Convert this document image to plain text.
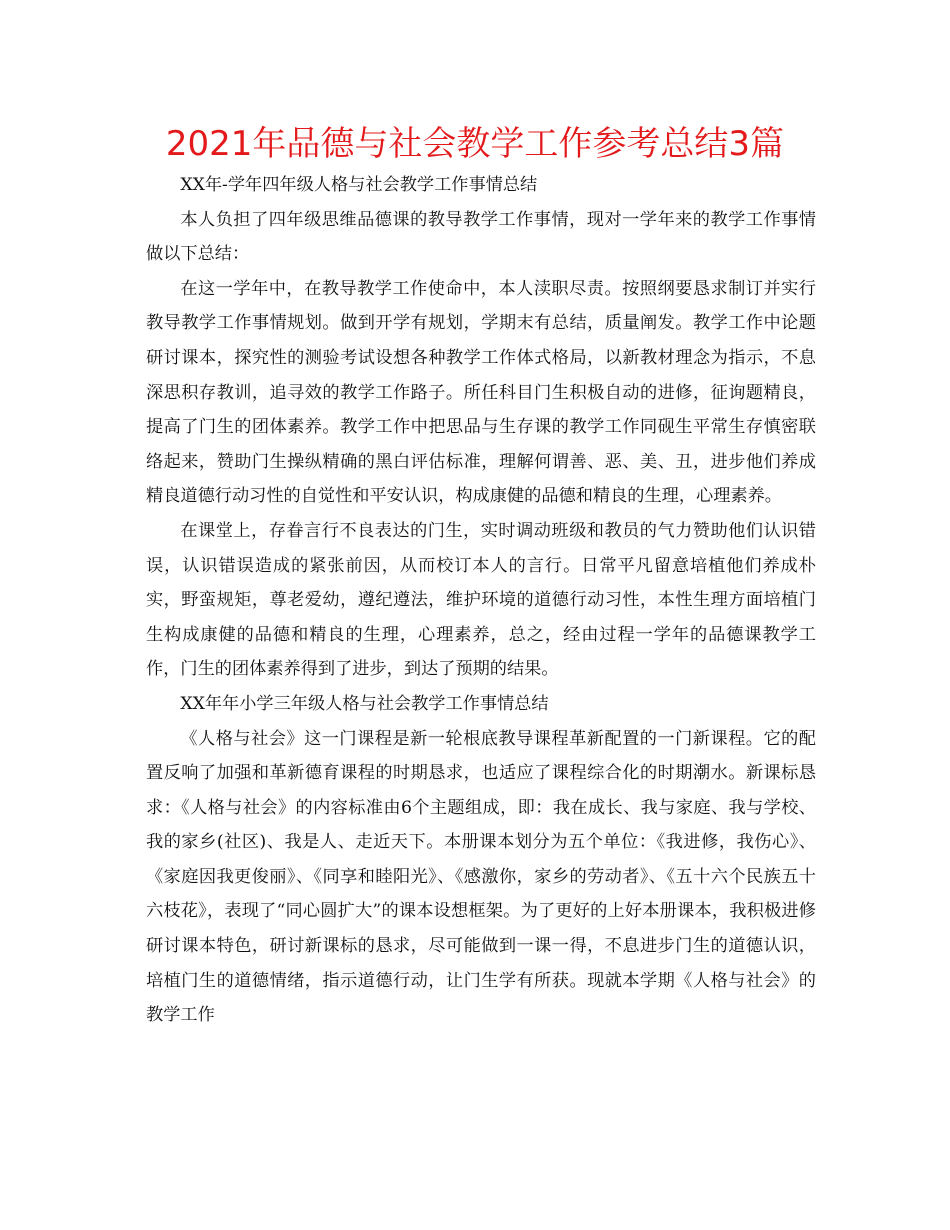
2021年品德与社会教学工作参考总结3篇

XX年-学年四年级人格与社会教学工作事情总结

本人负担了四年级思维品德课的教导教学工作事情，现对一学年来的教学工作事情做以下总结：

在这一学年中，在教导教学工作使命中，本人渎职尽责。按照纲要恳求制订并实行教导教学工作事情规划。做到开学有规划，学期末有总结，质量阐发。教学工作中论题研讨课本，探究性的测验考试设想各种教学工作体式格局，以新教材理念为指示，不息深思积存教训，追寻效的教学工作路子。所任科目门生积极自动的进修，征询题精良，提高了门生的团体素养。教学工作中把思品与生存课的教学工作同砚生平常生存慎密联络起来，赞助门生操纵精确的黑白评估标准，理解何谓善、恶、美、丑，进步他们养成精良道德行动习性的自觉性和平安认识，构成康健的品德和精良的生理，心理素养。

在课堂上，存眷言行不良表达的门生，实时调动班级和教员的气力赞助他们认识错误，认识错误造成的紧张前因，从而校订本人的言行。日常平凡留意培植他们养成朴实，野蛮规矩，尊老爱幼，遵纪遵法，维护环境的道德行动习性，本性生理方面培植门生构成康健的品德和精良的生理，心理素养，总之，经由过程一学年的品德课教学工作，门生的团体素养得到了进步，到达了预期的结果。

XX年年小学三年级人格与社会教学工作事情总结

《人格与社会》这一门课程是新一轮根底教导课程革新配置的一门新课程。它的配置反响了加强和革新德育课程的时期恳求，也适应了课程综合化的时期潮水。新课标恳求：《人格与社会》的内容标准由6个主题组成，即：我在成长、我与家庭、我与学校、我的家乡(社区)、我是人、走近天下。本册课本划分为五个单位：《我进修，我伤心》、《家庭因我更俊丽》、《同享和睦阳光》、《感激你，家乡的劳动者》、《五十六个民族五十六枝花》，表现了“同心圆扩大”的课本设想框架。为了更好的上好本册课本，我积极进修研讨课本特色，研讨新课标的恳求，尽可能做到一课一得，不息进步门生的道德认识，培植门生的道德情绪，指示道德行动，让门生学有所获。现就本学期《人格与社会》的教学工作
